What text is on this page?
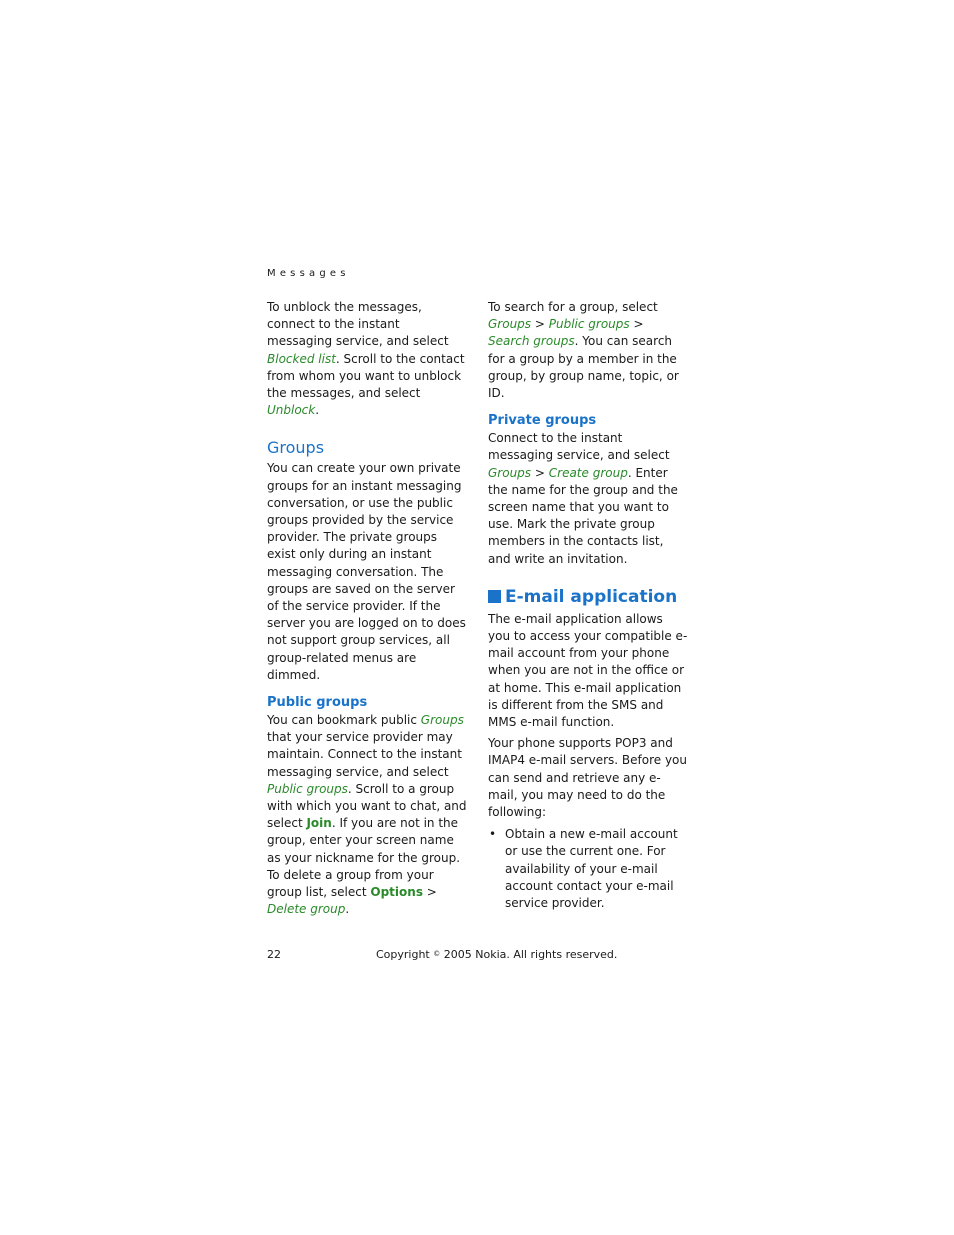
Messages

To unblock the messages, connect to the instant messaging service, and select Blocked list. Scroll to the contact from whom you want to unblock the messages, and select Unblock.

Groups

You can create your own private groups for an instant messaging conversation, or use the public groups provided by the service provider. The private groups exist only during an instant messaging conversation. The groups are saved on the server of the service provider. If the server you are logged on to does not support group services, all group-related menus are dimmed.

Public groups

You can bookmark public Groups that your service provider may maintain. Connect to the instant messaging service, and select Public groups. Scroll to a group with which you want to chat, and select Join. If you are not in the group, enter your screen name as your nickname for the group. To delete a group from your group list, select Options > Delete group.

To search for a group, select Groups > Public groups > Search groups. You can search for a group by a member in the group, by group name, topic, or ID.

Private groups

Connect to the instant messaging service, and select Groups > Create group. Enter the name for the group and the screen name that you want to use. Mark the private group members in the contacts list, and write an invitation.

E-mail application

The e-mail application allows you to access your compatible e-mail account from your phone when you are not in the office or at home. This e-mail application is different from the SMS and MMS e-mail function.

Your phone supports POP3 and IMAP4 e-mail servers. Before you can send and retrieve any e-mail, you may need to do the following:

• Obtain a new e-mail account or use the current one. For availability of your e-mail account contact your e-mail service provider.
22	Copyright © 2005 Nokia. All rights reserved.
